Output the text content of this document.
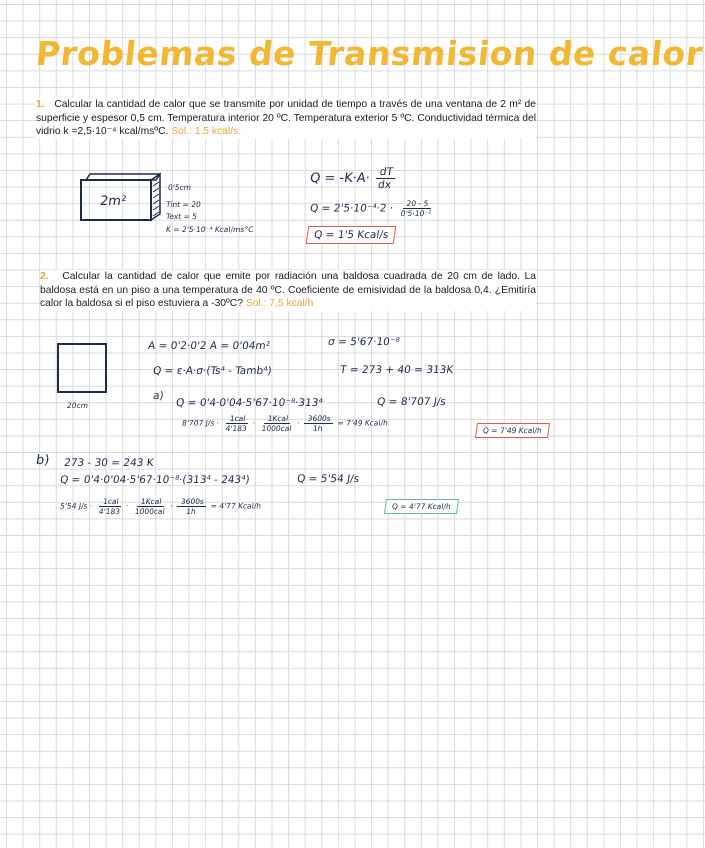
Problemas de Transmision de calor
1. Calcular la cantidad de calor que se transmite por unidad de tiempo a través de una ventana de 2 m² de superficie y espesor 0,5 cm. Temperatura interior 20 ºC. Temperatura exterior 5 ºC. Conductividad térmica del vidrio k =2,5·10⁻⁴ kcal/msºC. Sol.: 1,5 kcal/s.
2m²
0'5cm
Tint = 20
Text = 5
K = 2'5·10⁻⁴ Kcal/ms°C
$Q = -K\cdot A\cdot \frac{dT}{dx}$
$Q = 2'5\cdot 10^{-4}\cdot 2 \cdot \frac{20 - 5}{\text{0'5·10⁻²}}$
Q = 1'5 Kcal/s
2. Calcular la cantidad de calor que emite por radiación una baldosa cuadrada de 20 cm de lado. La baldosa está en un piso a una temperatura de 40 ºC. Coeficiente de emisividad de la baldosa 0,4. ¿Emitiría calor la baldosa si el piso estuviera a -30ºC? Sol.: 7,5 kcal/h
20cm
A = 0'2·0'2 A = 0'04m²	σ = 5'67·10⁻⁸
Q = ε·A·σ·(Ts⁴ - Tamb⁴)	T = 273 + 40 = 313K
a)
Q = 0'4·0'04·5'67·10⁻⁸·313⁴	Q = 8'707 J/s
8'707 $J/s \cdot \frac{\text{1cal}}{4'183} \cdot \frac{\text{1Kcal}}{\text{1000cal}} \cdot \frac{3600s}{1h} = 7'49$ Kcal/h
Q = 7'49 Kcal/h
b) 273 - 30 = 243 K
Q = 0'4·0'04·5'67·10⁻⁸·(313⁴ - 243⁴)	Q = 5'54 J/s
5'54 $J/s \cdot \frac{\text{1cal}}{4'183} \cdot \frac{\text{1Kcal}}{\text{1000cal}} \cdot \frac{3600s}{1h} = 4'77$ Kcal/h	Q = 4'77 Kcal/h
